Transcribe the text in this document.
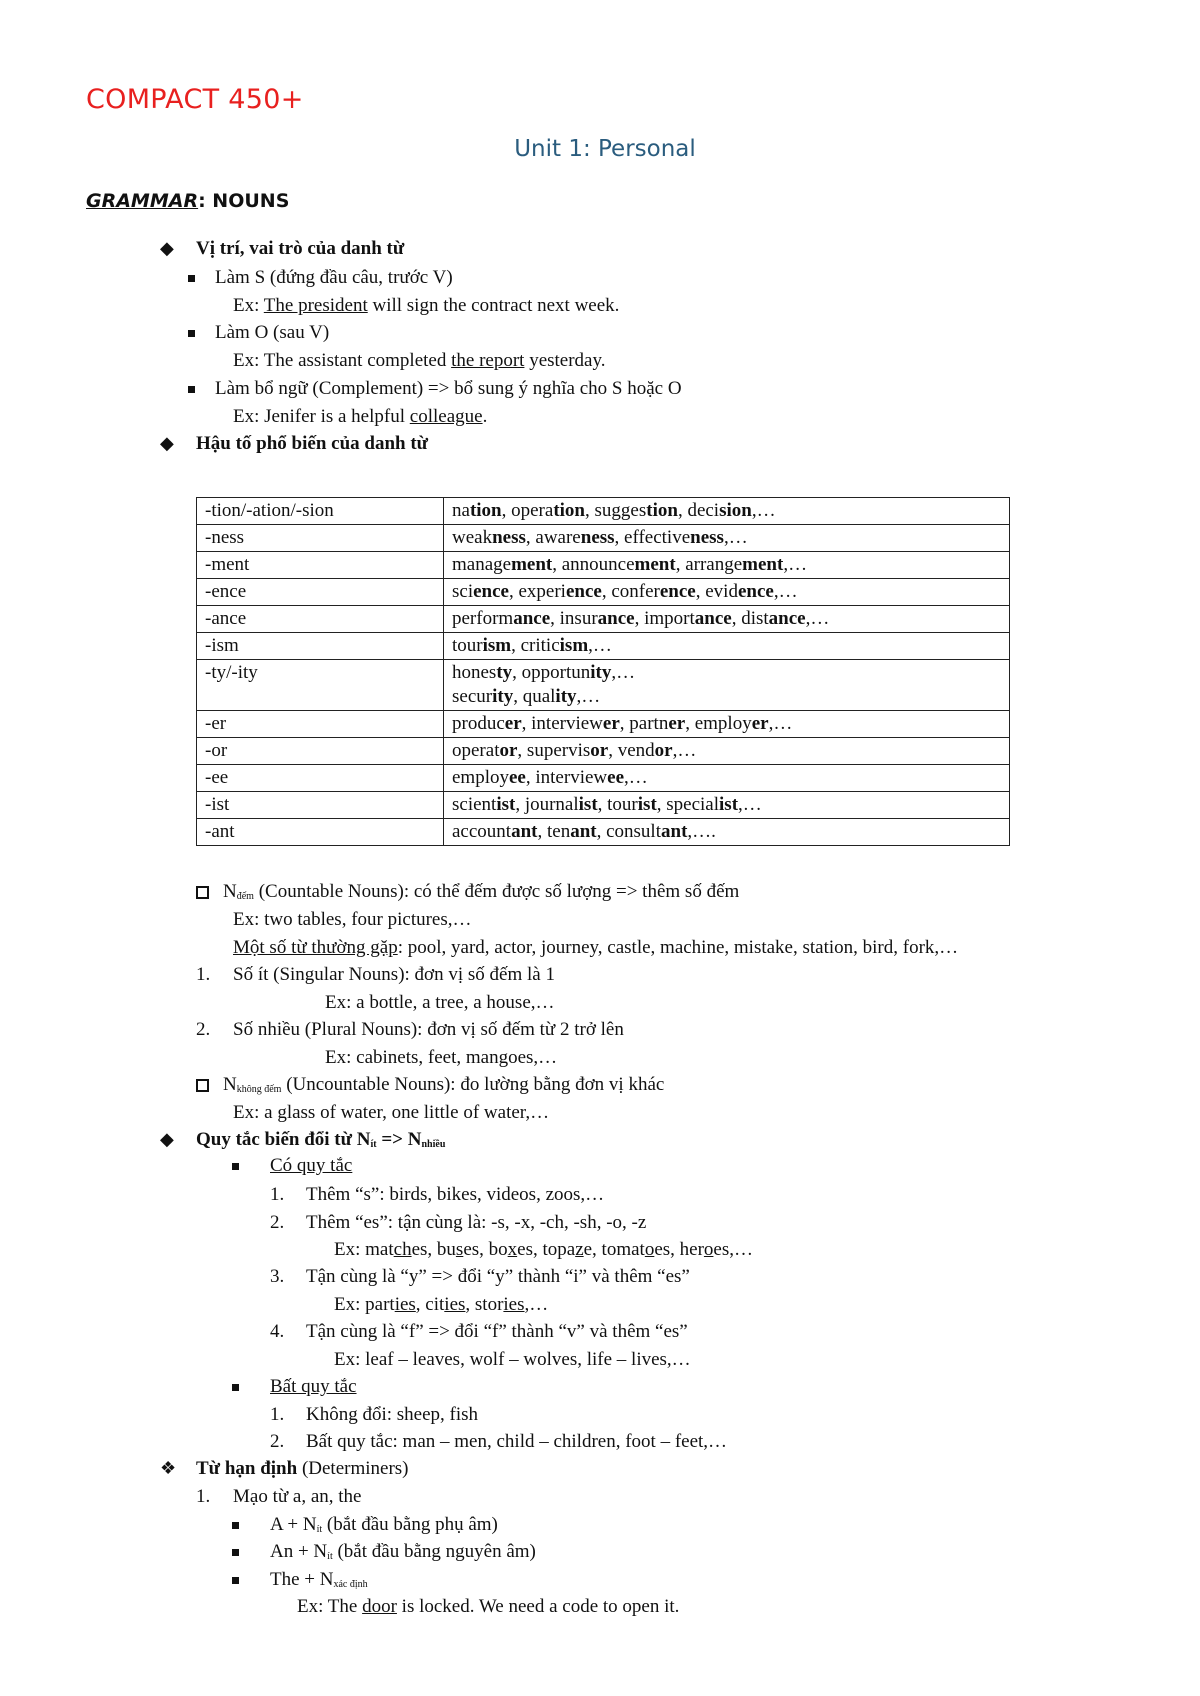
COMPACT 450+
Unit 1: Personal
GRAMMAR: NOUNS
◆ Vị trí, vai trò của danh từ
Làm S (đứng đầu câu, trước V)
Ex: The president will sign the contract next week.
Làm O (sau V)
Ex: The assistant completed the report yesterday.
Làm bổ ngữ (Complement) => bổ sung ý nghĩa cho S hoặc O
Ex: Jenifer is a helpful colleague.
◆ Hậu tố phổ biến của danh từ
-tion/-ation/-sion	nation, operation, suggestion, decision,…

-ness	weakness, awareness, effectiveness,…

-ment	management, announcement, arrangement,…

-ence	science, experience, conference, evidence,…

-ance	performance, insurance, importance, distance,…

-ism	tourism, criticism,…

-ty/-ity	honesty, opportunity,…
security, quality,…

-er	producer, interviewer, partner, employer,…

-or	operator, supervisor, vendor,…

-ee	employee, interviewee,…

-ist	scientist, journalist, tourist, specialist,…

-ant	accountant, tenant, consultant,….
$N_{đếm}$ (Countable Nouns): có thể đếm được số lượng => thêm số đếm
Ex: two tables, four pictures,…
Một số từ thường gặp: pool, yard, actor, journey, castle, machine, mistake, station, bird, fork,…
1. Số ít (Singular Nouns): đơn vị số đếm là 1
Ex: a bottle, a tree, a house,…
2. Số nhiều (Plural Nouns): đơn vị số đếm từ 2 trở lên
Ex: cabinets, feet, mangoes,…
$N_{không đếm}$ (Uncountable Nouns): đo lường bằng đơn vị khác
Ex: a glass of water, one little of water,…
◆ Quy tắc biến đổi từ $N_{ít} => N_{nhiều}$
Có quy tắc
1. Thêm “s”: birds, bikes, videos, zoos,…
2. Thêm “es”: tận cùng là: -s, -x, -ch, -sh, -o, -z
Ex: matches, buses, boxes, topaze, tomatoes, heroes,…
3. Tận cùng là “y” => đổi “y” thành “i” và thêm “es”
Ex: parties, cities, stories,…
4. Tận cùng là “f” => đổi “f” thành “v” và thêm “es”
Ex: leaf – leaves, wolf – wolves, life – lives,…
Bất quy tắc
1. Không đổi: sheep, fish
2. Bất quy tắc: man – men, child – children, foot – feet,…
❖ Từ hạn định (Determiners)
1. Mạo từ a, an, the
$A + N_{ít}$ (bắt đầu bằng phụ âm)
$An + N_{ít}$ (bắt đầu bằng nguyên âm)
The + $N_{xác định}$
Ex: The door is locked. We need a code to open it.
